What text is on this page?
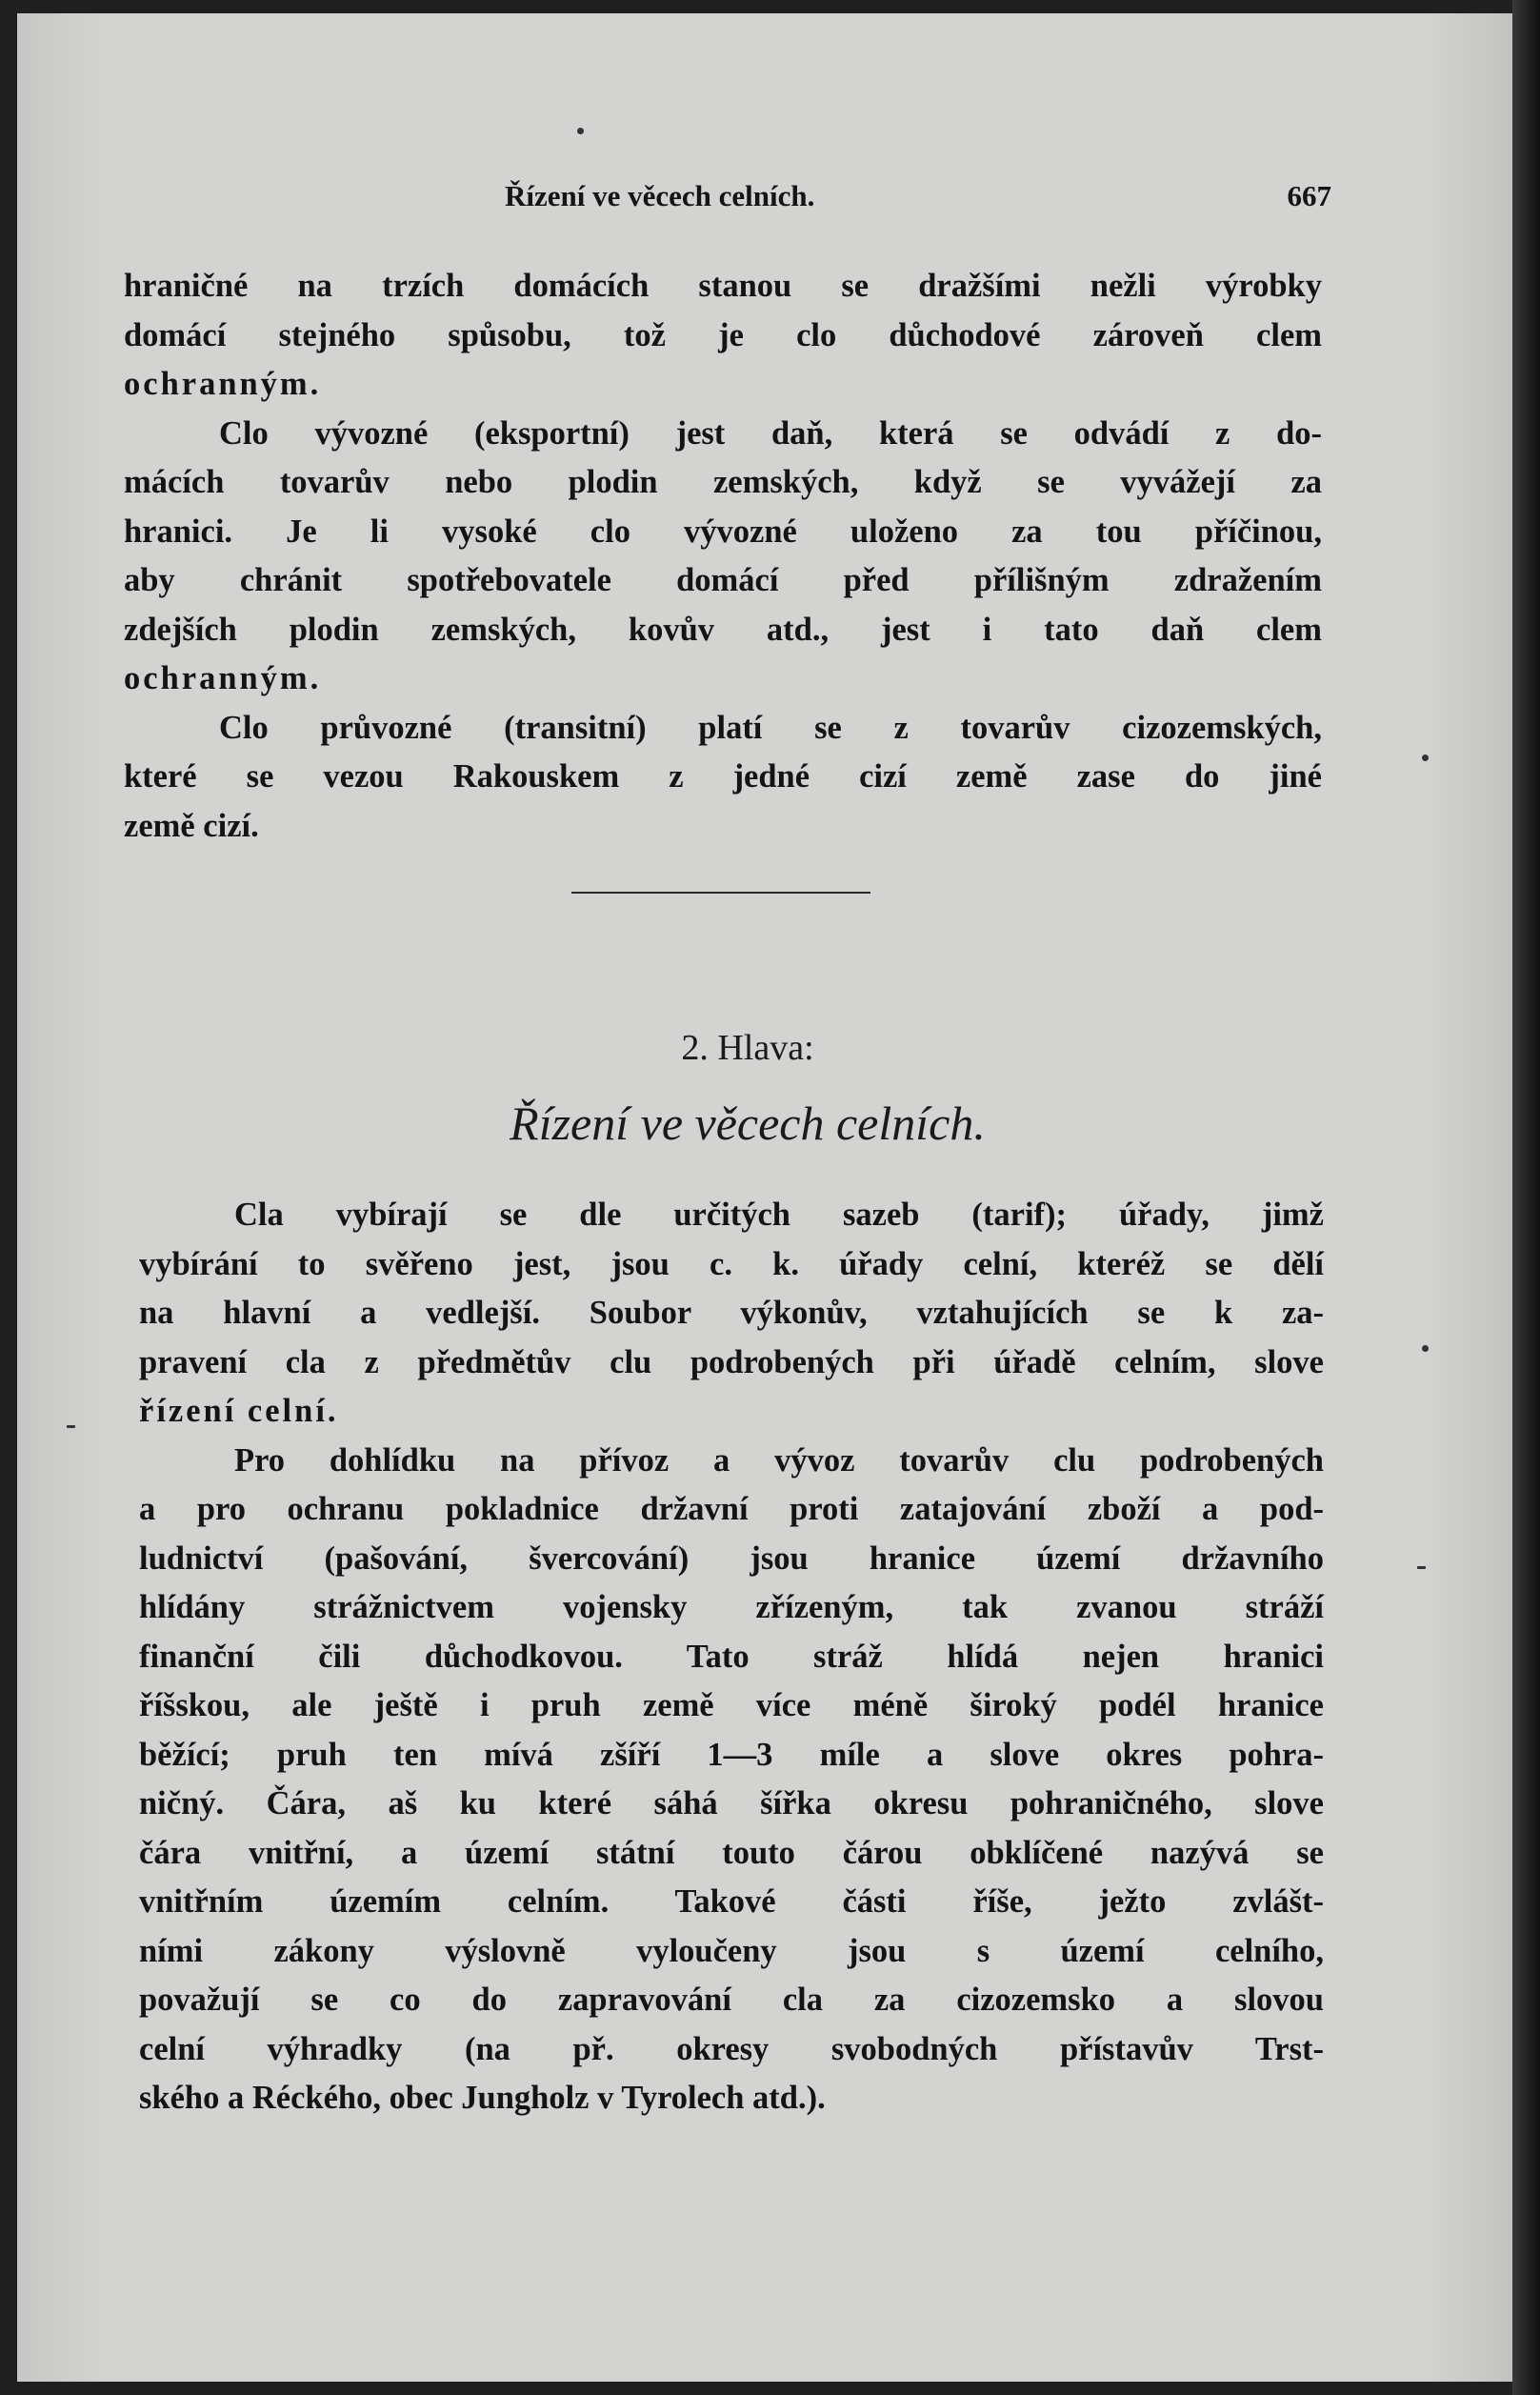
Řízení ve věcech celních.	667
hraničné na trzích domácích stanou se dražšími nežli výrobky
domácí stejného spůsobu, tož je clo důchodové zároveň clem
ochranným.
Clo vývozné (eksportní) jest daň, která se odvádí z do-
mácích tovarův nebo plodin zemských, když se vyvážejí za
hranici. Je li vysoké clo vývozné uloženo za tou příčinou,
aby chránit spotřebovatele domácí před přílišným zdražením
zdejších plodin zemských, kovův atd., jest i tato daň clem
ochranným.
Clo průvozné (transitní) platí se z tovarův cizozemských,
které se vezou Rakouskem z jedné cizí země zase do jiné
země cizí.
2. Hlava:
Řízení ve věcech celních.
Cla vybírají se dle určitých sazeb (tarif); úřady, jimž
vybírání to svěřeno jest, jsou c. k. úřady celní, kteréž se dělí
na hlavní a vedlejší. Soubor výkonův, vztahujících se k za-
pravení cla z předmětův clu podrobených při úřadě celním, slove
řízení celní.
Pro dohlídku na přívoz a vývoz tovarův clu podrobených
a pro ochranu pokladnice državní proti zatajování zboží a pod-
ludnictví (pašování, švercování) jsou hranice území državního
hlídány strážnictvem vojensky zřízeným, tak zvanou stráží
finanční čili důchodkovou. Tato stráž hlídá nejen hranici
říšskou, ale ještě i pruh země více méně široký podél hranice
běžící; pruh ten mívá zšíří 1—3 míle a slove okres pohra-
ničný. Čára, aš ku které sáhá šířka okresu pohraničného, slove
čára vnitřní, a území státní touto čárou obklíčené nazývá se
vnitřním územím celním. Takové části říše, ježto zvlášt-
ními zákony výslovně vyloučeny jsou s území celního,
považují se co do zapravování cla za cizozemsko a slovou
celní výhradky (na př. okresy svobodných přístavův Trst-
ského a Réckého, obec Jungholz v Tyrolech atd.).
